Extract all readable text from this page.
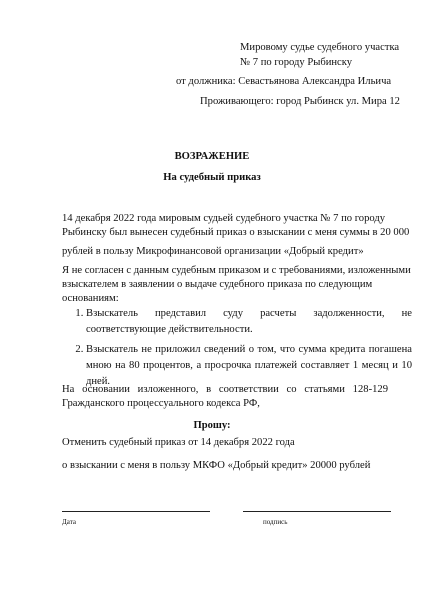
Мировому судье судебного участка

№ 7 по городу Рыбинску

от должника: Севастьянова Александра Ильича

Проживающего: город Рыбинск ул. Мира 12

ВОЗРАЖЕНИЕ

На судебный приказ

14 декабря 2022 года мировым судьей судебного участка № 7 по городу

Рыбинску был вынесен судебный приказ о взыскании с меня суммы в 20 000

рублей в пользу Микрофинансовой организации «Добрый кредит»

Я не согласен с данным судебным приказом и с требованиями, изложенными

взыскателем в заявлении о выдаче судебного приказа по следующим

основаниям:

1. Взыскатель представил суду расчеты задолженности, не соответствующие действительности.
2. Взыскатель не приложил сведений о том, что сумма кредита погашена мною на 80 процентов, а просрочка платежей составляет 1 месяц и 10 дней.

На основании изложенного, в соответствии со статьями 128-129

Гражданского процессуального кодекса РФ,

Прошу:

Отменить судебный приказ от 14 декабря 2022 года

о взыскании с меня в пользу МКФО «Добрый кредит» 20000 рублей

Дата	подпись
